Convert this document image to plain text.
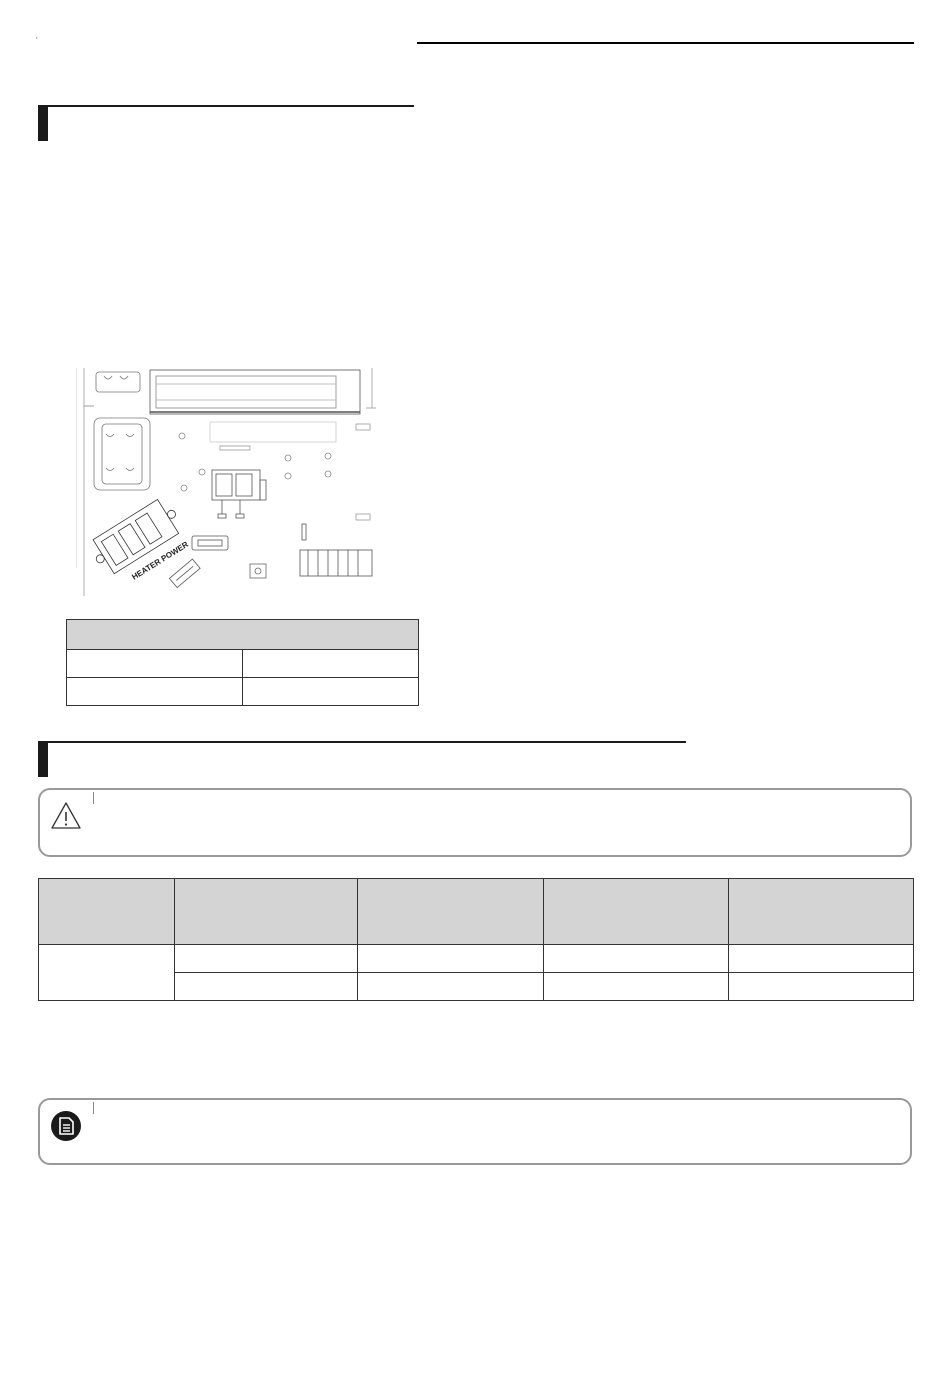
'
HEATER POWER
